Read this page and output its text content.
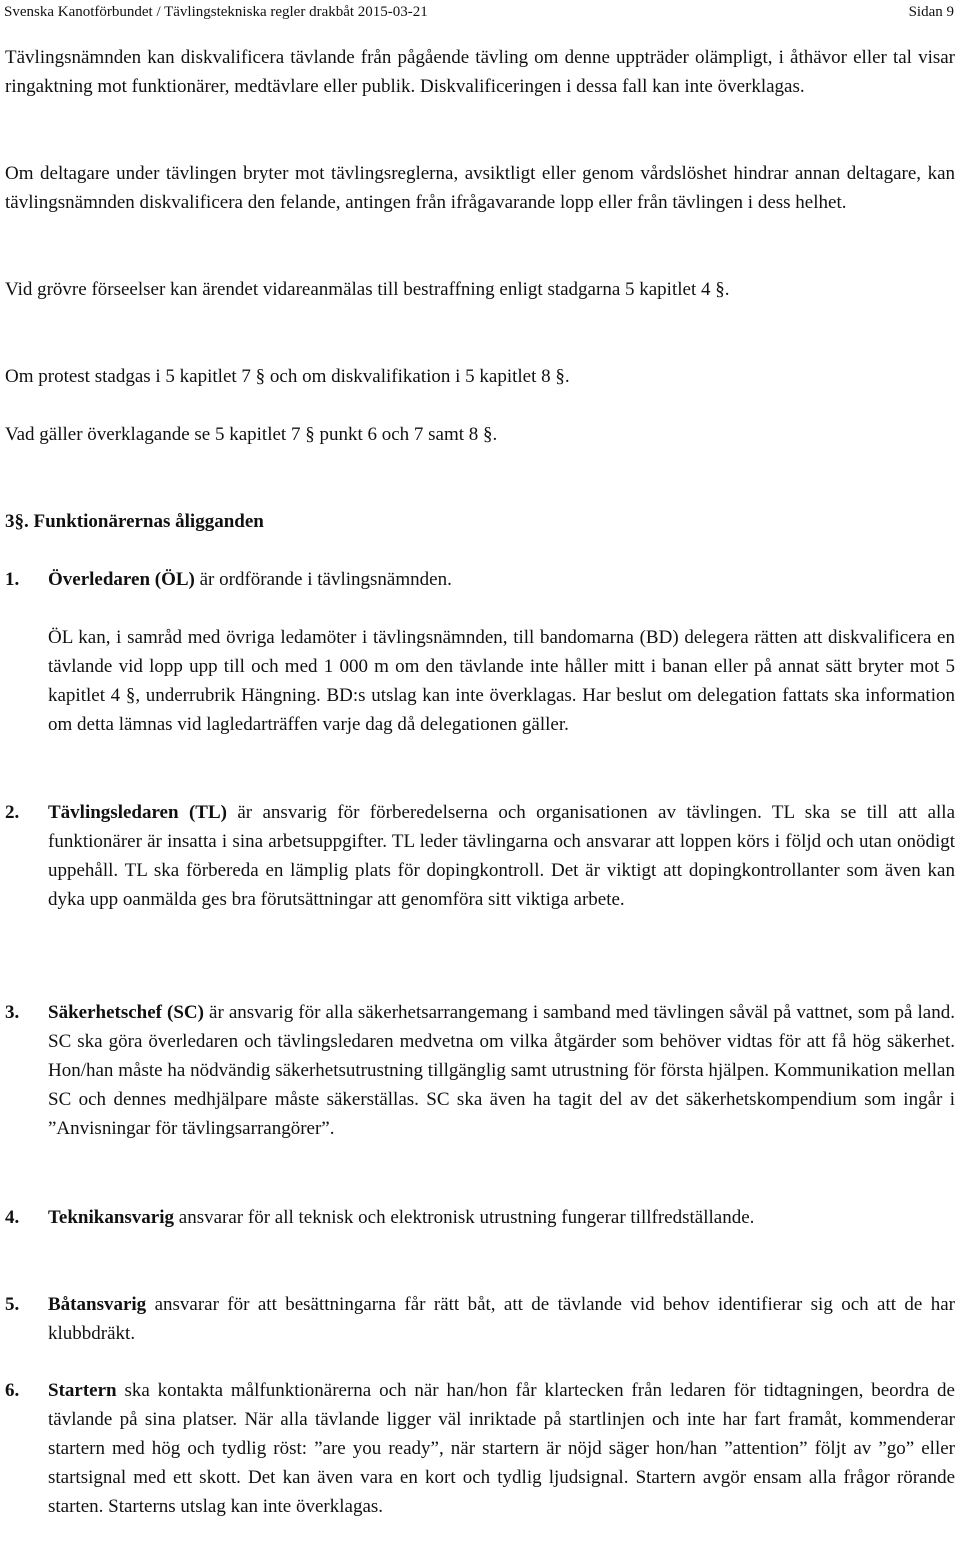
Svenska Kanotförbundet / Tävlingstekniska regler drakbåt 2015-03-21	Sidan 9
Tävlingsnämnden kan diskvalificera tävlande från pågående tävling om denne uppträder olämpligt, i åthävor eller tal visar ringaktning mot funktionärer, medtävlare eller publik. Diskvalificeringen i dessa fall kan inte överklagas.
Om deltagare under tävlingen bryter mot tävlingsreglerna, avsiktligt eller genom vårdslöshet hindrar annan deltagare, kan tävlingsnämnden diskvalificera den felande, antingen från ifrågavarande lopp eller från tävlingen i dess helhet.
Vid grövre förseelser kan ärendet vidareanmälas till bestraffning enligt stadgarna 5 kapitlet 4 §.
Om protest stadgas i 5 kapitlet 7 § och om diskvalifikation i 5 kapitlet 8 §.
Vad gäller överklagande se 5 kapitlet 7 § punkt 6 och 7 samt 8 §.
3§. Funktionärernas åligganden
1. Överledaren (ÖL) är ordförande i tävlingsnämnden.
ÖL kan, i samråd med övriga ledamöter i tävlingsnämnden, till bandomarna (BD) delegera rätten att diskvalificera en tävlande vid lopp upp till och med 1 000 m om den tävlande inte håller mitt i banan eller på annat sätt bryter mot 5 kapitlet 4 §, underrubrik Hängning. BD:s utslag kan inte överklagas. Har beslut om delegation fattats ska information om detta lämnas vid lagledarträffen varje dag då delegationen gäller.
2. Tävlingsledaren (TL) är ansvarig för förberedelserna och organisationen av tävlingen. TL ska se till att alla funktionärer är insatta i sina arbetsuppgifter. TL leder tävlingarna och ansvarar att loppen körs i följd och utan onödigt uppehåll. TL ska förbereda en lämplig plats för dopingkontroll. Det är viktigt att dopingkontrollanter som även kan dyka upp oanmälda ges bra förutsättningar att genomföra sitt viktiga arbete.
3. Säkerhetschef (SC) är ansvarig för alla säkerhetsarrangemang i samband med tävlingen såväl på vattnet, som på land. SC ska göra överledaren och tävlingsledaren medvetna om vilka åtgärder som behöver vidtas för att få hög säkerhet. Hon/han måste ha nödvändig säkerhetsutrustning tillgänglig samt utrustning för första hjälpen. Kommunikation mellan SC och dennes medhjälpare måste säkerställas. SC ska även ha tagit del av det säkerhetskompendium som ingår i ”Anvisningar för tävlingsarrangörer”.
4. Teknikansvarig ansvarar för all teknisk och elektronisk utrustning fungerar tillfredställande.
5. Båtansvarig ansvarar för att besättningarna får rätt båt, att de tävlande vid behov identifierar sig och att de har klubbdräkt.
6. Startern ska kontakta målfunktionärerna och när han/hon får klartecken från ledaren för tidtagningen, beordra de tävlande på sina platser. När alla tävlande ligger väl inriktade på startlinjen och inte har fart framåt, kommenderar startern med hög och tydlig röst: ”are you ready”, när startern är nöjd säger hon/han ”attention” följt av ”go” eller startsignal med ett skott. Det kan även vara en kort och tydlig ljudsignal. Startern avgör ensam alla frågor rörande starten. Starterns utslag kan inte överklagas.
